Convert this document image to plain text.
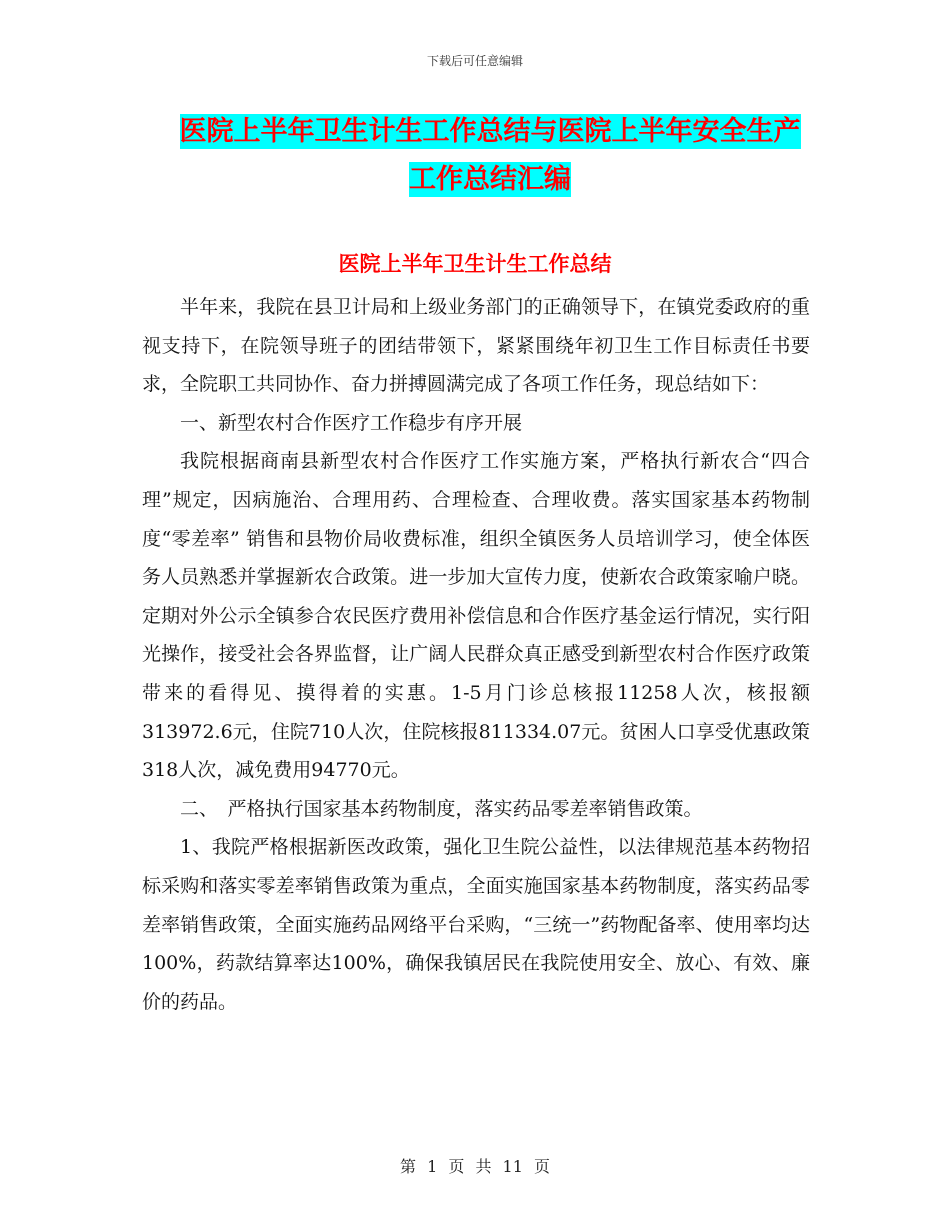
下载后可任意编辑
医院上半年卫生计生工作总结与医院上半年安全生产
工作总结汇编
医院上半年卫生计生工作总结

半年来，我院在县卫计局和上级业务部门的正确领导下，在镇党委政府的重视支持下，在院领导班子的团结带领下，紧紧围绕年初卫生工作目标责任书要求，全院职工共同协作、奋力拼搏圆满完成了各项工作任务，现总结如下：

一、新型农村合作医疗工作稳步有序开展

我院根据商南县新型农村合作医疗工作实施方案，严格执行新农合“四合理”规定，因病施治、合理用药、合理检查、合理收费。落实国家基本药物制度“零差率” 销售和县物价局收费标准，组织全镇医务人员培训学习，使全体医务人员熟悉并掌握新农合政策。进一步加大宣传力度，使新农合政策家喻户晓。定期对外公示全镇参合农民医疗费用补偿信息和合作医疗基金运行情况，实行阳光操作，接受社会各界监督，让广阔人民群众真正感受到新型农村合作医疗政策带来的看得见、摸得着的实惠。1-5月门诊总核报11258人次，核报额313972.6元，住院710人次，住院核报811334.07元。贫困人口享受优惠政策318人次，减免费用94770元。

二、　严格执行国家基本药物制度，落实药品零差率销售政策。

1、我院严格根据新医改政策，强化卫生院公益性，以法律规范基本药物招标采购和落实零差率销售政策为重点，全面实施国家基本药物制度，落实药品零差率销售政策，全面实施药品网络平台采购，“三统一”药物配备率、使用率均达100%，药款结算率达100%，确保我镇居民在我院使用安全、放心、有效、廉价的药品。

第 1 页 共 11 页
